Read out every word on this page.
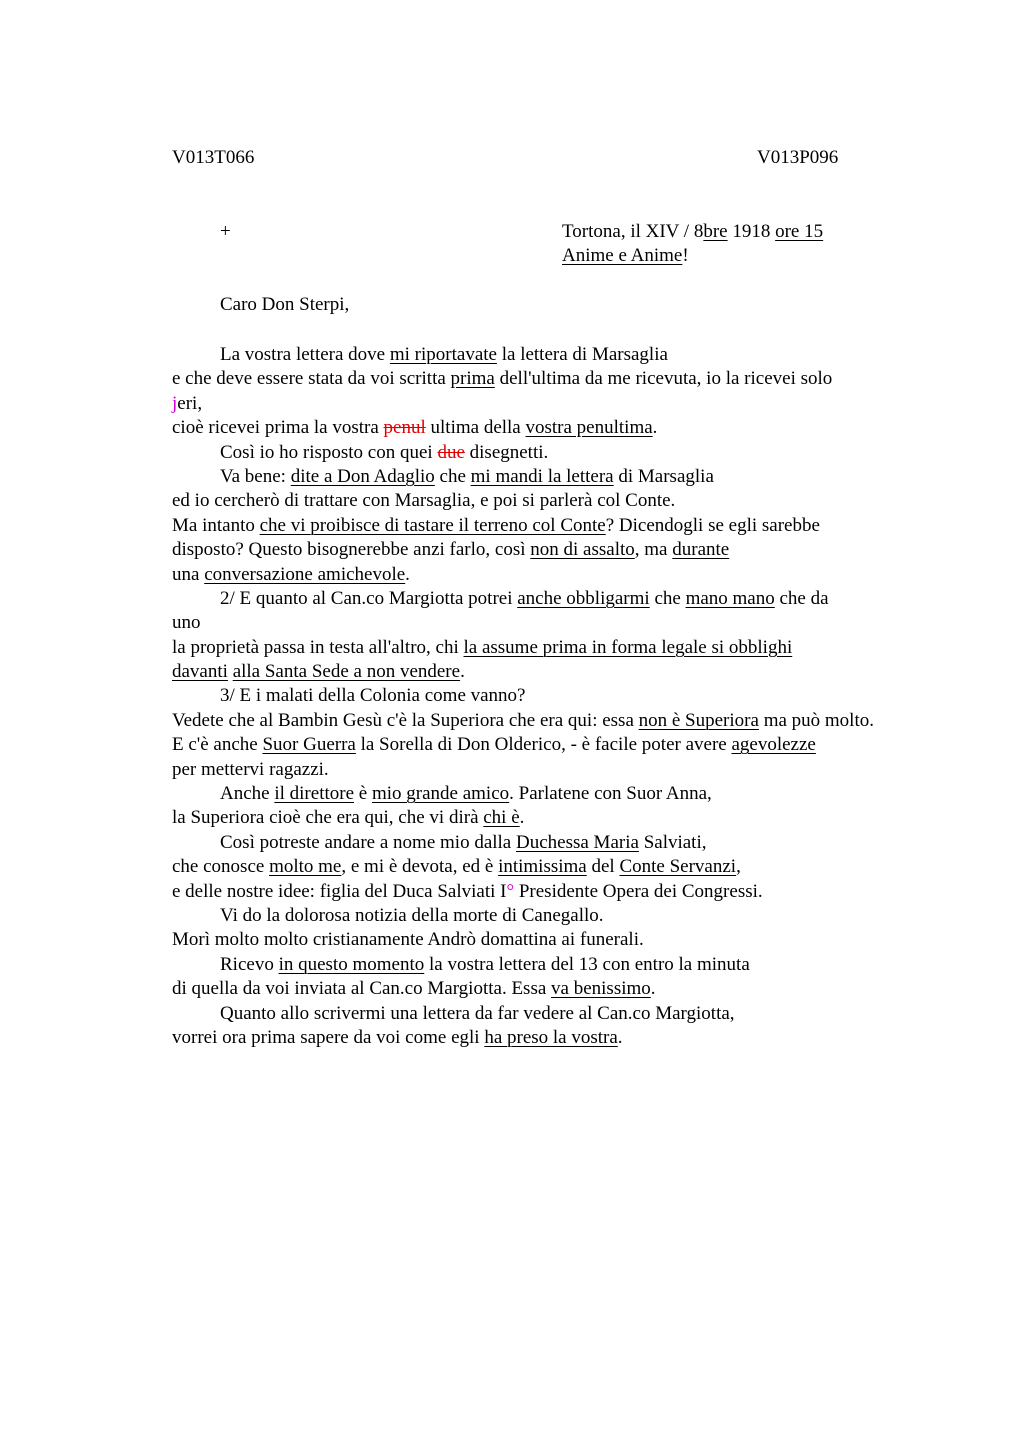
V013T066	V013P096
+	Tortona, il XIV / 8bre 1918 ore 15
Anime e Anime!
Caro Don Sterpi,
La vostra lettera dove mi riportavate la lettera di Marsaglia
e che deve essere stata da voi scritta prima dell'ultima da me ricevuta, io la ricevei solo
jeri,
cioè ricevei prima la vostra penul ultima della vostra penultima.
Così io ho risposto con quei due disegnetti.
Va bene: dite a Don Adaglio che mi mandi la lettera di Marsaglia
ed io cercherò di trattare con Marsaglia, e poi si parlerà col Conte.
Ma intanto che vi proibisce di tastare il terreno col Conte? Dicendogli se egli sarebbe
disposto? Questo bisognerebbe anzi farlo, così non di assalto, ma durante
una conversazione amichevole.
2/ E quanto al Can.co Margiotta potrei anche obbligarmi che mano mano che da
uno
la proprietà passa in testa all'altro, chi la assume prima in forma legale si obblighi
davanti alla Santa Sede a non vendere.
3/ E i malati della Colonia come vanno?
Vedete che al Bambin Gesù c'è la Superiora che era qui: essa non è Superiora ma può molto.
E c'è anche Suor Guerra la Sorella di Don Olderico, - è facile poter avere agevolezze
per mettervi ragazzi.
Anche il direttore è mio grande amico. Parlatene con Suor Anna,
la Superiora cioè che era qui, che vi dirà chi è.
Così potreste andare a nome mio dalla Duchessa Maria Salviati,
che conosce molto me, e mi è devota, ed è intimissima del Conte Servanzi,
e delle nostre idee: figlia del Duca Salviati I° Presidente Opera dei Congressi.
Vi do la dolorosa notizia della morte di Canegallo.
Morì molto molto cristianamente Andrò domattina ai funerali.
Ricevo in questo momento la vostra lettera del 13 con entro la minuta
di quella da voi inviata al Can.co Margiotta. Essa va benissimo.
Quanto allo scrivermi una lettera da far vedere al Can.co Margiotta,
vorrei ora prima sapere da voi come egli ha preso la vostra.
